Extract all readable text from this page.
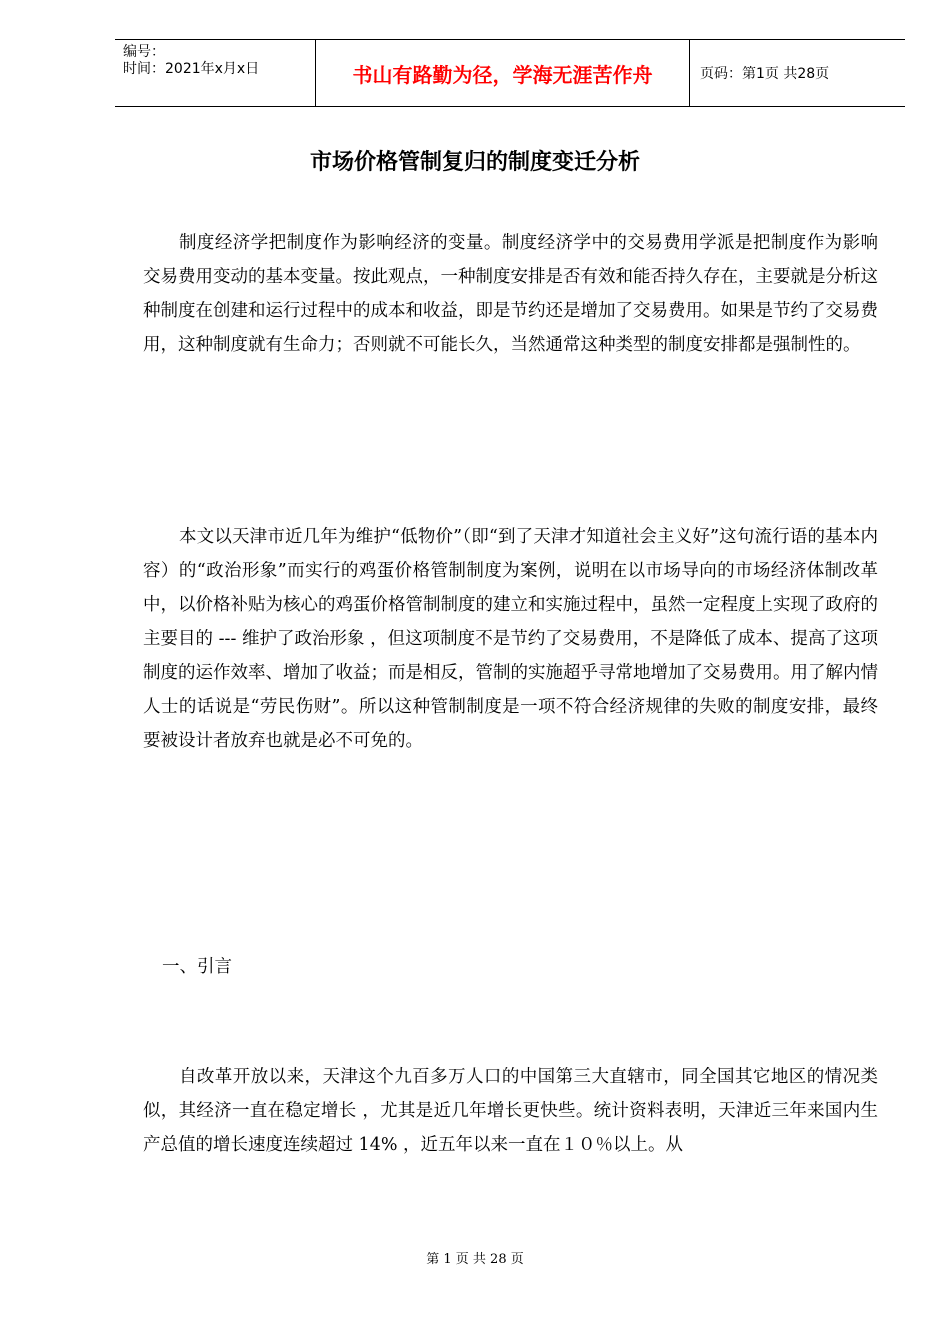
编号：
时间：2021年x月x日	书山有路勤为径，学海无涯苦作舟	页码：第1页 共28页
市场价格管制复归的制度变迁分析

制度经济学把制度作为影响经济的变量。制度经济学中的交易费用学派是把制度作为影响交易费用变动的基本变量。按此观点，一种制度安排是否有效和能否持久存在，主要就是分析这种制度在创建和运行过程中的成本和收益，即是节约还是增加了交易费用。如果是节约了交易费用，这种制度就有生命力；否则就不可能长久，当然通常这种类型的制度安排都是强制性的。

本文以天津市近几年为维护“低物价”（即“到了天津才知道社会主义好”这句流行语的基本内容）的“政治形象”而实行的鸡蛋价格管制制度为案例，说明在以市场导向的市场经济体制改革中，以价格补贴为核心的鸡蛋价格管制制度的建立和实施过程中，虽然一定程度上实现了政府的主要目的 --- 维护了政治形象 ，但这项制度不是节约了交易费用，不是降低了成本、提高了这项制度的运作效率、增加了收益；而是相反，管制的实施超乎寻常地增加了交易费用。用了解内情人士的话说是“劳民伤财”。所以这种管制制度是一项不符合经济规律的失败的制度安排，最终要被设计者放弃也就是必不可免的。

一、引言

自改革开放以来，天津这个九百多万人口的中国第三大直辖市，同全国其它地区的情况类似，其经济一直在稳定增长 ，尤其是近几年增长更快些。统计资料表明，天津近三年来国内生产总值的增长速度连续超过 14% ，近五年以来一直在１０％以上。从

第 1 页 共 28 页
